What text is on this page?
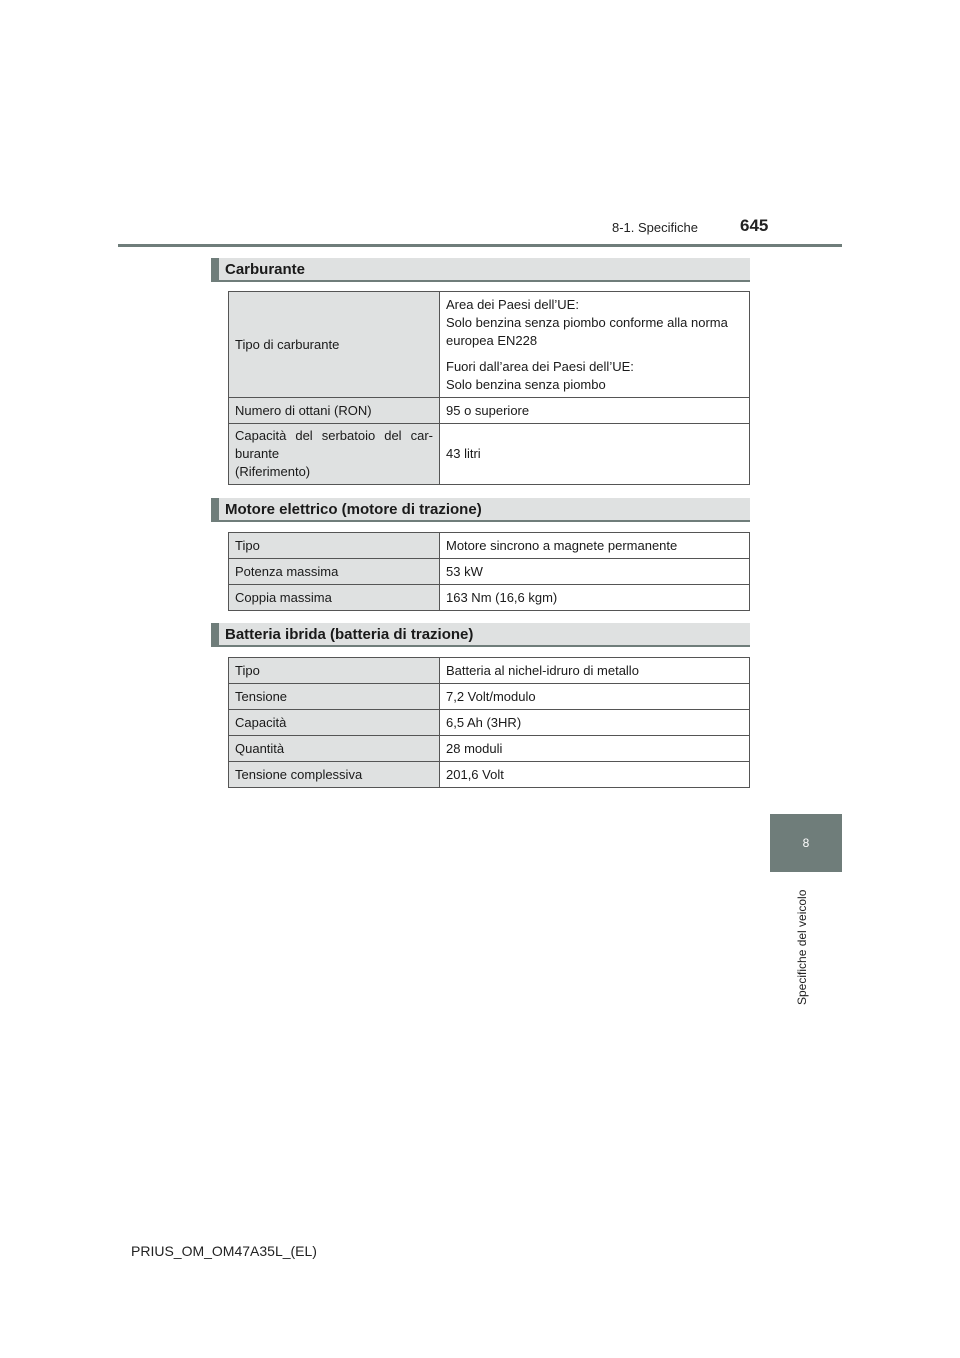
8-1. Specifiche 645
8
Specifiche del veicolo
Carburante
Tipo di carburante	Area dei Paesi dell’UE:
Solo benzina senza piombo conforme alla norma europea EN228
Fuori dall’area dei Paesi dell’UE:
Solo benzina senza piombo

Numero di ottani (RON)	95 o superiore

Capacità del serbatoio del car-
burante
(Riferimento)	43 litri
Motore elettrico (motore di trazione)
Tipo	Motore sincrono a magnete permanente
Potenza massima	53 kW
Coppia massima	163 Nm (16,6 kgm)
Batteria ibrida (batteria di trazione)
Tipo	Batteria al nichel-idruro di metallo
Tensione	7,2 Volt/modulo
Capacità	6,5 Ah (3HR)
Quantità	28 moduli
Tensione complessiva	201,6 Volt
PRIUS_OM_OM47A35L_(EL)
